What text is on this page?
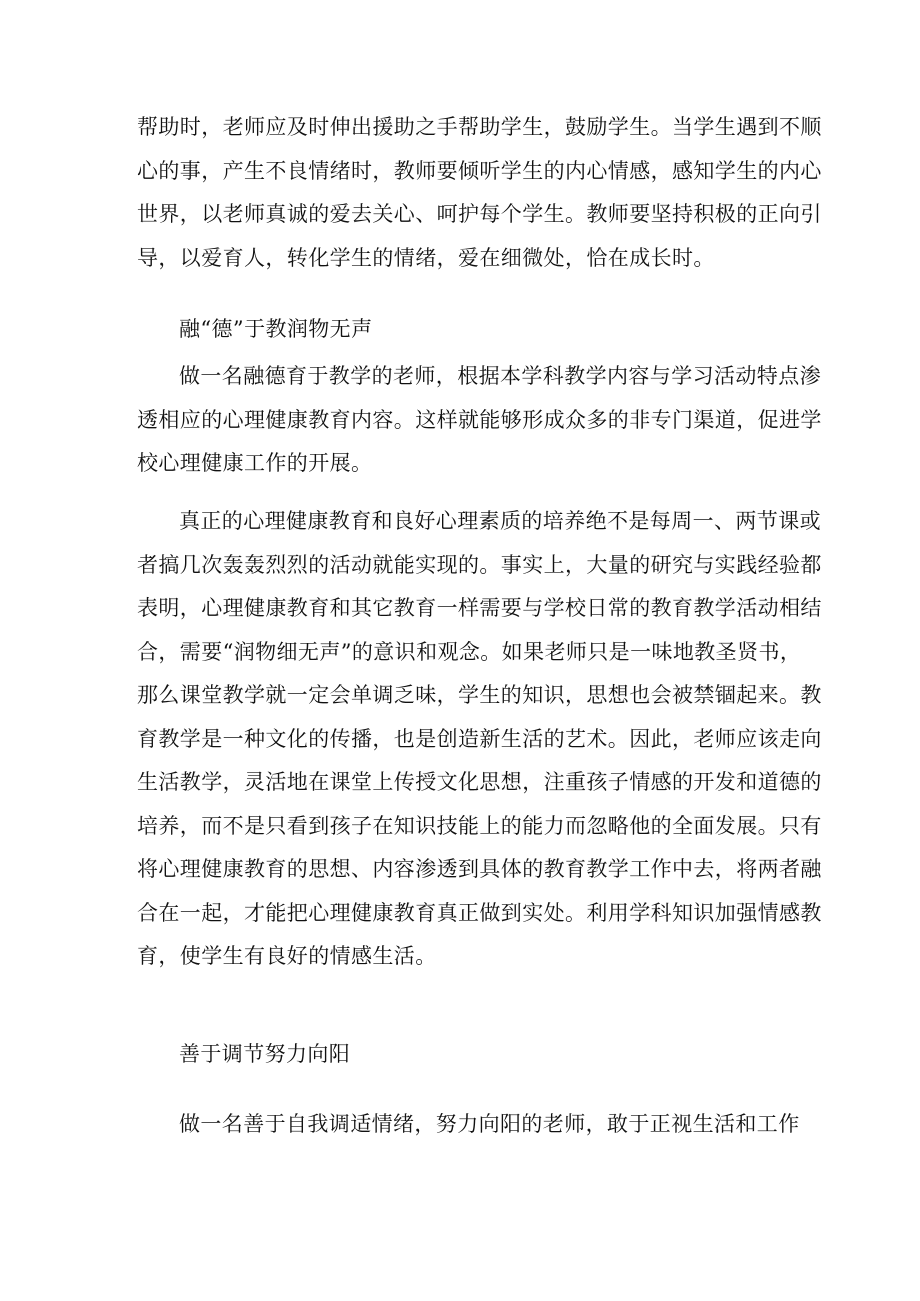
帮助时，老师应及时伸出援助之手帮助学生，鼓励学生。当学生遇到不顺
心的事，产生不良情绪时，教师要倾听学生的内心情感，感知学生的内心
世界，以老师真诚的爱去关心、呵护每个学生。教师要坚持积极的正向引
导，以爱育人，转化学生的情绪，爱在细微处，恰在成长时。
融“德”于教润物无声
做一名融德育于教学的老师，根据本学科教学内容与学习活动特点渗
透相应的心理健康教育内容。这样就能够形成众多的非专门渠道，促进学
校心理健康工作的开展。
真正的心理健康教育和良好心理素质的培养绝不是每周一、两节课或
者搞几次轰轰烈烈的活动就能实现的。事实上，大量的研究与实践经验都
表明，心理健康教育和其它教育一样需要与学校日常的教育教学活动相结
合，需要“润物细无声”的意识和观念。如果老师只是一味地教圣贤书，
那么课堂教学就一定会单调乏味，学生的知识，思想也会被禁锢起来。教
育教学是一种文化的传播，也是创造新生活的艺术。因此，老师应该走向
生活教学，灵活地在课堂上传授文化思想，注重孩子情感的开发和道德的
培养，而不是只看到孩子在知识技能上的能力而忽略他的全面发展。只有
将心理健康教育的思想、内容渗透到具体的教育教学工作中去，将两者融
合在一起，才能把心理健康教育真正做到实处。利用学科知识加强情感教
育，使学生有良好的情感生活。
善于调节努力向阳
做一名善于自我调适情绪，努力向阳的老师，敢于正视生活和工作
